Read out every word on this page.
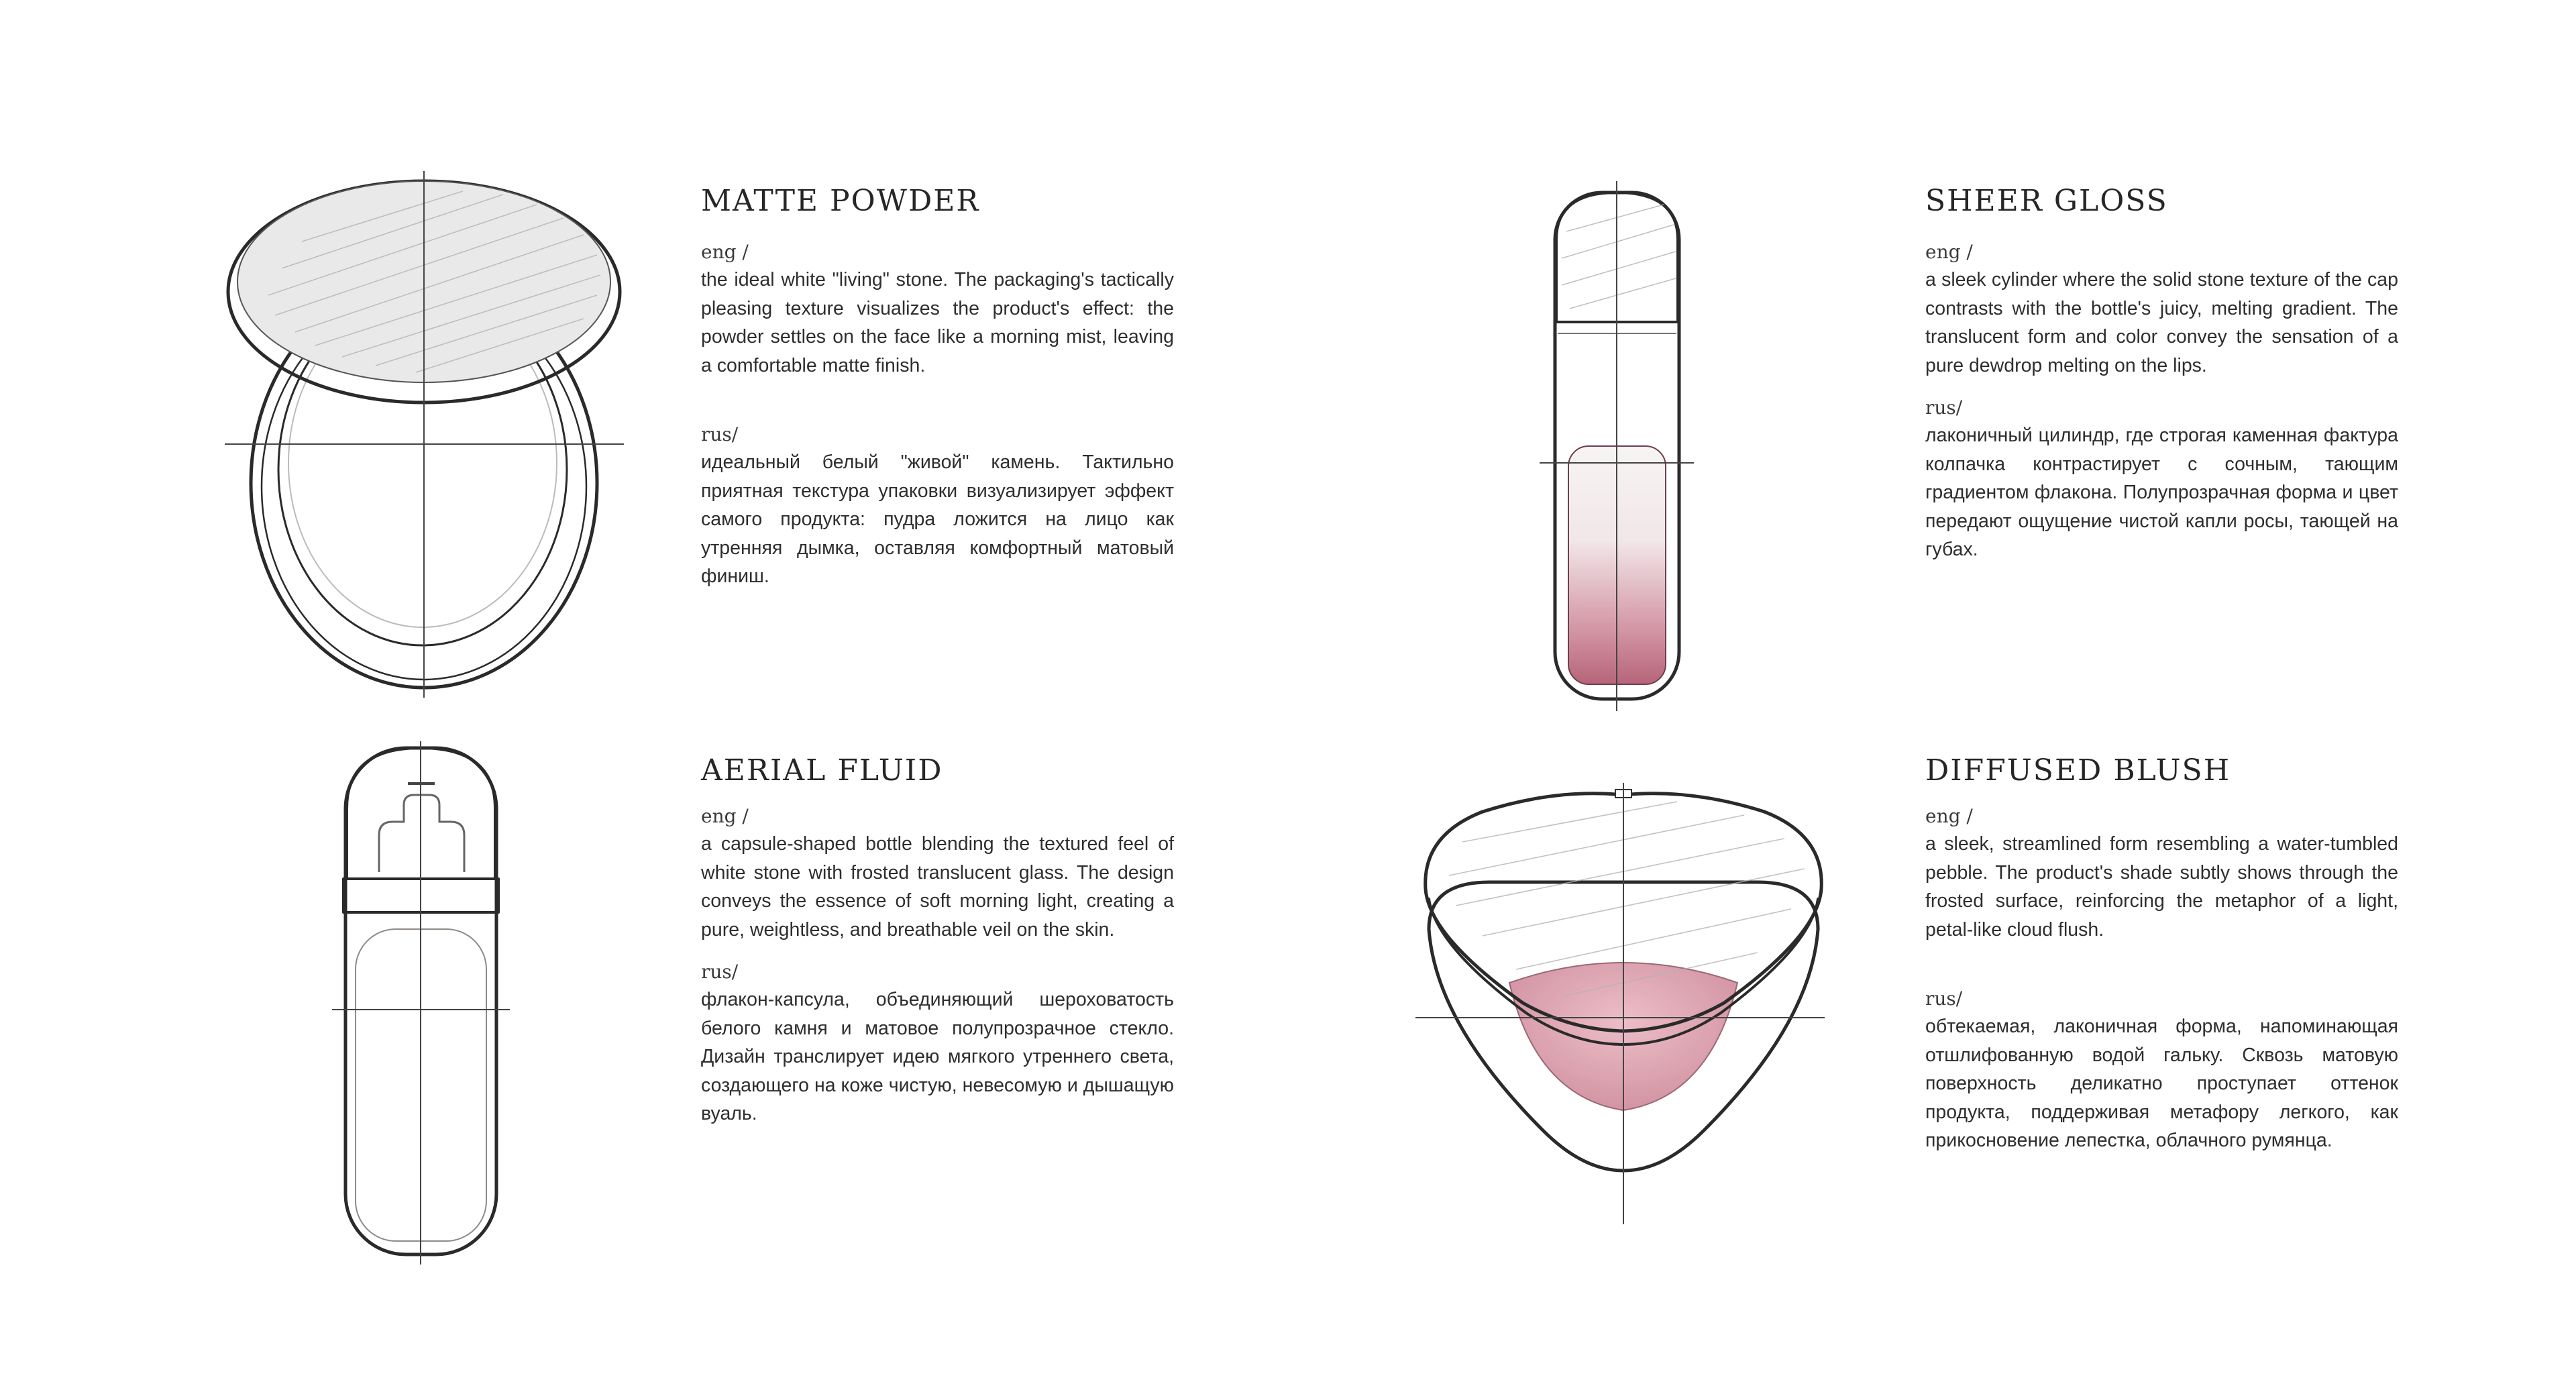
MATTE POWDER
eng /

the ideal white "living" stone. The packaging's tactically pleasing texture visualizes the product's effect: the powder settles on the face like a morning mist, leaving a comfortable matte finish.

rus/

идеальный белый "живой" камень. Тактильно приятная текстура упаковки визуализирует эффект самого продукта: пудра ложится на лицо как утренняя дымка, оставляя комфортный матовый финиш.

SHEER GLOSS
eng /

a sleek cylinder where the solid stone texture of the cap contrasts with the bottle's juicy, melting gradient. The translucent form and color convey the sensation of a pure dewdrop melting on the lips.

rus/

лаконичный цилиндр, где строгая каменная фактура колпачка контрастирует с сочным, тающим градиентом флакона. Полупрозрачная форма и цвет передают ощущение чистой капли росы, тающей на губах.

AERIAL FLUID
eng /

a capsule-shaped bottle blending the textured feel of white stone with frosted translucent glass. The design conveys the essence of soft morning light, creating a pure, weightless, and breathable veil on the skin.

rus/

флакон-капсула, объединяющий шероховатость белого камня и матовое полупрозрачное стекло. Дизайн транслирует идею мягкого утреннего света, создающего на коже чистую, невесомую и дышащую вуаль.

DIFFUSED BLUSH
eng /

a sleek, streamlined form resembling a water-tumbled pebble. The product's shade subtly shows through the frosted surface, reinforcing the metaphor of a light, petal-like cloud flush.

rus/

обтекаемая, лаконичная форма, напоминающая отшлифованную водой гальку. Сквозь матовую поверхность деликатно проступает оттенок продукта, поддерживая метафору легкого, как прикосновение лепестка, облачного румянца.
